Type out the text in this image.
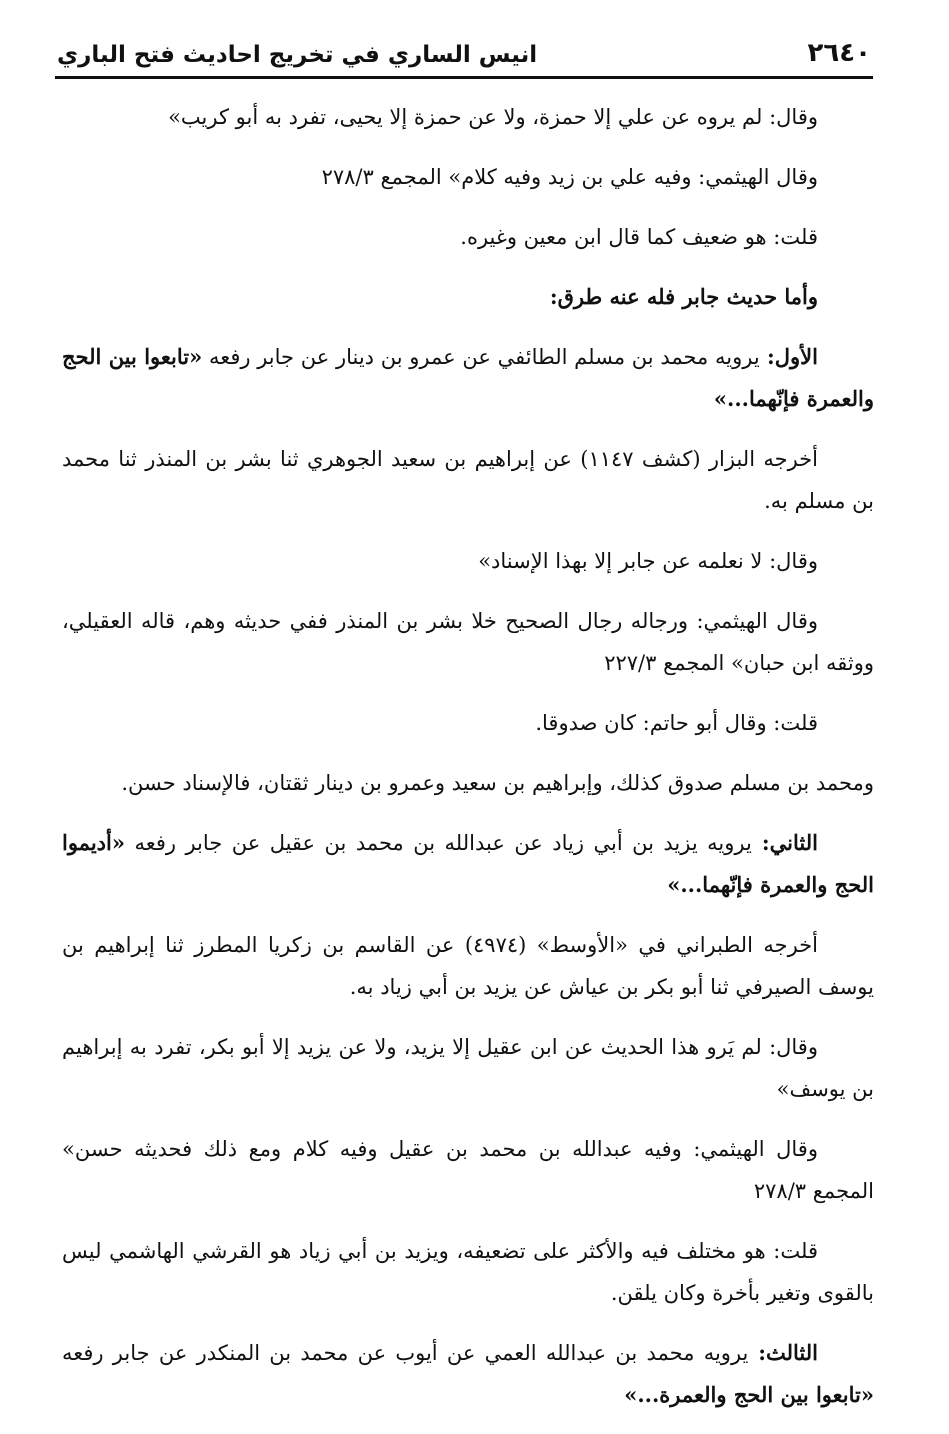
٢٦٤٠
انيس الساري في تخريج احاديث فتح الباري

وقال: لم يروه عن علي إلا حمزة، ولا عن حمزة إلا يحيى، تفرد به أبو كريب»

وقال الهيثمي: وفيه علي بن زيد وفيه كلام» المجمع ٢٧٨/٣

قلت: هو ضعيف كما قال ابن معين وغيره.

وأما حديث جابر فله عنه طرق:

الأول: يرويه محمد بن مسلم الطائفي عن عمرو بن دينار عن جابر رفعه «تابعوا بين الحج والعمرة فإنّهما...»

أخرجه البزار (كشف ١١٤٧) عن إبراهيم بن سعيد الجوهري ثنا بشر بن المنذر ثنا محمد بن مسلم به.

وقال: لا نعلمه عن جابر إلا بهذا الإسناد»

وقال الهيثمي: ورجاله رجال الصحيح خلا بشر بن المنذر ففي حديثه وهم، قاله العقيلي، ووثقه ابن حبان» المجمع ٢٢٧/٣

قلت: وقال أبو حاتم: كان صدوقا.

ومحمد بن مسلم صدوق كذلك، وإبراهيم بن سعيد وعمرو بن دينار ثقتان، فالإسناد حسن.

الثاني: يرويه يزيد بن أبي زياد عن عبدالله بن محمد بن عقيل عن جابر رفعه «أديموا الحج والعمرة فإنّهما...»

أخرجه الطبراني في «الأوسط» (٤٩٧٤) عن القاسم بن زكريا المطرز ثنا إبراهيم بن يوسف الصيرفي ثنا أبو بكر بن عياش عن يزيد بن أبي زياد به.

وقال: لم يَرو هذا الحديث عن ابن عقيل إلا يزيد، ولا عن يزيد إلا أبو بكر، تفرد به إبراهيم بن يوسف»

وقال الهيثمي: وفيه عبدالله بن محمد بن عقيل وفيه كلام ومع ذلك فحديثه حسن» المجمع ٢٧٨/٣

قلت: هو مختلف فيه والأكثر على تضعيفه، ويزيد بن أبي زياد هو القرشي الهاشمي ليس بالقوى وتغير بأخرة وكان يلقن.

الثالث: يرويه محمد بن عبدالله العمي عن أيوب عن محمد بن المنكدر عن جابر رفعه «تابعوا بين الحج والعمرة...»
